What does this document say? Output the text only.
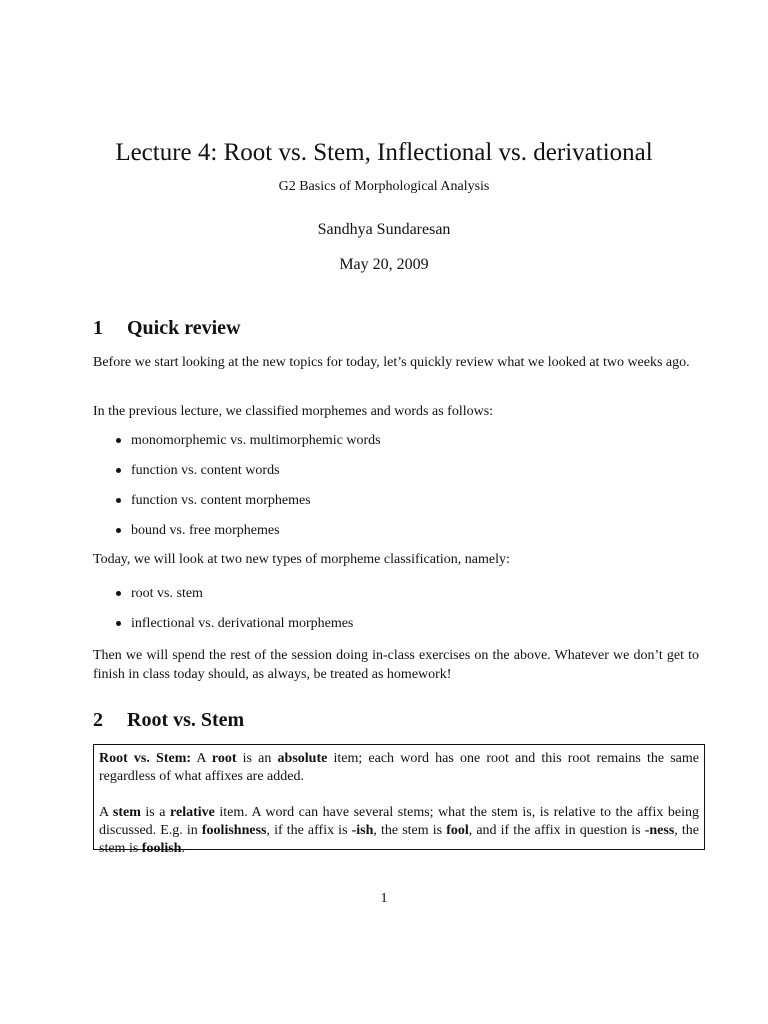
Lecture 4: Root vs. Stem, Inflectional vs. derivational
G2 Basics of Morphological Analysis
Sandhya Sundaresan
May 20, 2009
1 Quick review

Before we start looking at the new topics for today, let’s quickly review what we looked at two weeks ago.

In the previous lecture, we classified morphemes and words as follows:

monomorphemic vs. multimorphemic words
function vs. content words
function vs. content morphemes
bound vs. free morphemes

Today, we will look at two new types of morpheme classification, namely:

root vs. stem
inflectional vs. derivational morphemes

Then we will spend the rest of the session doing in-class exercises on the above. Whatever we don’t get to finish in class today should, as always, be treated as homework!

2 Root vs. Stem

Root vs. Stem: A root is an absolute item; each word has one root and this root remains the same regardless of what affixes are added.

A stem is a relative item. A word can have several stems; what the stem is, is relative to the affix being discussed. E.g. in foolishness, if the affix is -ish, the stem is fool, and if the affix in question is -ness, the stem is foolish.

1
